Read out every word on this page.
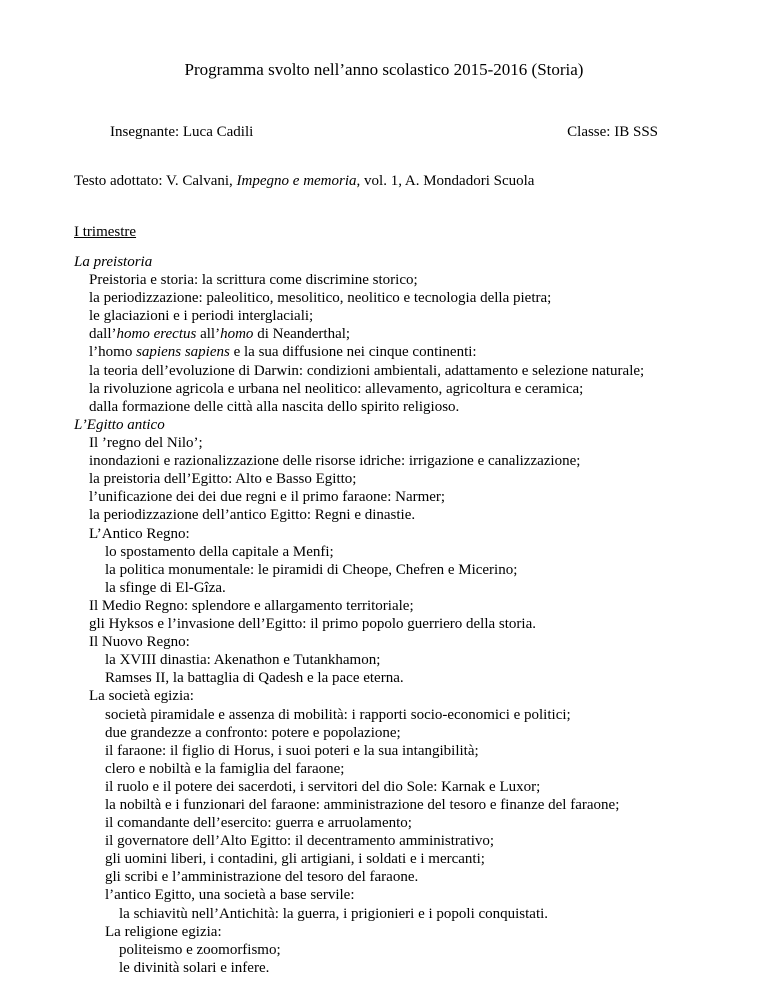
Programma svolto nell’anno scolastico 2015-2016 (Storia)
Insegnante: Luca Cadili	Classe: IB SSS
Testo adottato: V. Calvani, Impegno e memoria, vol. 1, A. Mondadori Scuola
I trimestre
La preistoria
Preistoria e storia: la scrittura come discrimine storico;
la periodizzazione: paleolitico, mesolitico, neolitico e tecnologia della pietra;
le glaciazioni e i periodi interglaciali;
dall’homo erectus all’homo di Neanderthal;
l’homo sapiens sapiens e la sua diffusione nei cinque continenti:
la teoria dell’evoluzione di Darwin: condizioni ambientali, adattamento e selezione naturale;
la rivoluzione agricola e urbana nel neolitico: allevamento, agricoltura e ceramica;
dalla formazione delle città alla nascita dello spirito religioso.
L’Egitto antico
Il ’regno del Nilo’;
inondazioni e razionalizzazione delle risorse idriche: irrigazione e canalizzazione;
la preistoria dell’Egitto: Alto e Basso Egitto;
l’unificazione dei dei due regni e il primo faraone: Narmer;
la periodizzazione dell’antico Egitto: Regni e dinastie.
L’Antico Regno:
lo spostamento della capitale a Menfi;
la politica monumentale: le piramidi di Cheope, Chefren e Micerino;
la sfinge di El-Gîza.
Il Medio Regno: splendore e allargamento territoriale;
gli Hyksos e l’invasione dell’Egitto: il primo popolo guerriero della storia.
Il Nuovo Regno:
la XVIII dinastia: Akenathon e Tutankhamon;
Ramses II, la battaglia di Qadesh e la pace eterna.
La società egizia:
società piramidale e assenza di mobilità: i rapporti socio-economici e politici;
due grandezze a confronto: potere e popolazione;
il faraone: il figlio di Horus, i suoi poteri e la sua intangibilità;
clero e nobiltà e la famiglia del faraone;
il ruolo e il potere dei sacerdoti, i servitori del dio Sole: Karnak e Luxor;
la nobiltà e i funzionari del faraone: amministrazione del tesoro e finanze del faraone;
il comandante dell’esercito: guerra e arruolamento;
il governatore dell’Alto Egitto: il decentramento amministrativo;
gli uomini liberi, i contadini, gli artigiani, i soldati e i mercanti;
gli scribi e l’amministrazione del tesoro del faraone.
l’antico Egitto, una società a base servile:
la schiavitù nell’Antichità: la guerra, i prigionieri e i popoli conquistati.
La religione egizia:
politeismo e zoomorfismo;
le divinità solari e infere.
